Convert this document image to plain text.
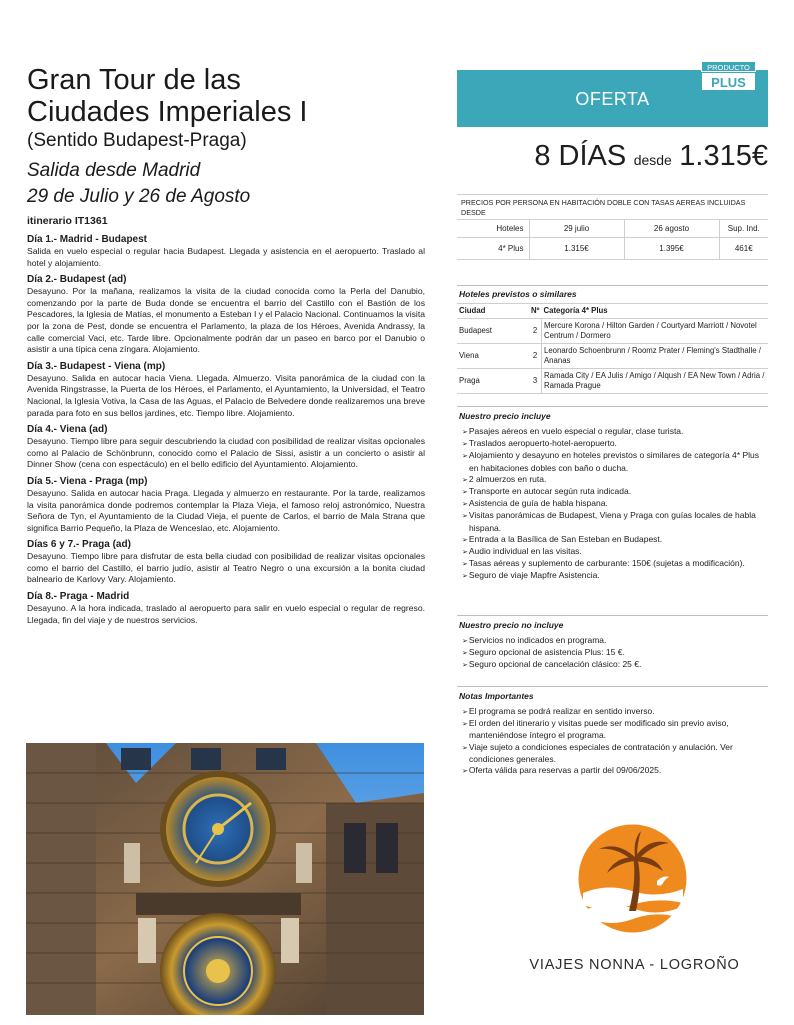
Gran Tour de las
Ciudades Imperiales I
(Sentido Budapest-Praga)
Salida desde Madrid
29 de Julio y 26 de Agosto
itinerario IT1361
Día 1.- Madrid - Budapest
Salida en vuelo especial o regular hacia Budapest. Llegada y asistencia en el aeropuerto. Traslado al hotel y alojamiento.
Día 2.- Budapest (ad)
Desayuno. Por la mañana, realizamos la visita de la ciudad conocida como la Perla del Danubio, comenzando por la parte de Buda donde se encuentra el barrio del Castillo con el Bastión de los Pescadores, la Iglesia de Matías, el monumento a Esteban I y el Palacio Nacional. Continuamos la visita por la zona de Pest, donde se encuentra el Parlamento, la plaza de los Héroes, Avenida Andrassy, la calle comercial Vaci, etc. Tarde libre. Opcionalmente podrán dar un paseo en barco por el Danubio o asistir a una típica cena zíngara. Alojamiento.
Día 3.- Budapest - Viena (mp)
Desayuno. Salida en autocar hacia Viena. Llegada. Almuerzo. Visita panorámica de la ciudad con la Avenida Ringstrasse, la Puerta de los Héroes, el Parlamento, el Ayuntamiento, la Universidad, el Teatro Nacional, la Iglesia Votiva, la Casa de las Aguas, el Palacio de Belvedere donde realizaremos una breve parada para foto en sus bellos jardines, etc. Tiempo libre. Alojamiento.
Día 4.- Viena (ad)
Desayuno. Tiempo libre para seguir descubriendo la ciudad con posibilidad de realizar visitas opcionales como al Palacio de Schönbrunn, conocido como el Palacio de Sissi, asistir a un concierto o asistir al Dinner Show (cena con espectáculo) en el bello edificio del Ayuntamiento. Alojamiento.
Día 5.- Viena - Praga (mp)
Desayuno. Salida en autocar hacia Praga. Llegada y almuerzo en restaurante. Por la tarde, realizamos la visita panorámica donde podremos contemplar la Plaza Vieja, el famoso reloj astronómico, Nuestra Señora de Tyn, el Ayuntamiento de la Ciudad Vieja, el puente de Carlos, el barrio de Mala Strana que significa Barrio Pequeño, la Plaza de Wenceslao, etc. Alojamiento.
Días 6 y 7.- Praga (ad)
Desayuno. Tiempo libre para disfrutar de esta bella ciudad con posibilidad de realizar visitas opcionales como el barrio del Castillo, el barrio judío, asistir al Teatro Negro o una excursión a la bonita ciudad balneario de Karlovy Vary. Alojamiento.
Día 8.- Praga - Madrid
Desayuno. A la hora indicada, traslado al aeropuerto para salir en vuelo especial o regular de regreso. Llegada, fin del viaje y de nuestros servicios.
OFERTA
PRODUCTO
PLUS
8 DÍAS desde 1.315€
PRECIOS POR PERSONA EN HABITACIÓN DOBLE CON TASAS AEREAS INCLUIDAS DESDE
Hoteles	29 julio	26 agosto	Sup. Ind.
4* Plus	1.315€	1.395€	461€
Hoteles previstos o similares
Ciudad	Nº	Categoría 4* Plus
Budapest	2	Mercure Korona / Hilton Garden / Courtyard Marriott / Novotel Centrum / Dormero
Viena	2	Leonardo Schoenbrunn / Roomz Prater / Fleming's Stadthalle / Ananas
Praga	3	Ramada City / EA Julis / Amigo / Alqush / EA New Town / Adria / Ramada Prague
Nuestro precio incluye
➢ Pasajes aéreos en vuelo especial o regular, clase turista.
➢ Traslados aeropuerto-hotel-aeropuerto.
➢ Alojamiento y desayuno en hoteles previstos o similares de categoría 4* Plus en habitaciones dobles con baño o ducha.
➢ 2 almuerzos en ruta.
➢ Transporte en autocar según ruta indicada.
➢ Asistencia de guía de habla hispana.
➢ Visitas panorámicas de Budapest, Viena y Praga con guías locales de habla hispana.
➢ Entrada a la Basílica de San Esteban en Budapest.
➢ Audio individual en las visitas.
➢ Tasas aéreas y suplemento de carburante: 150€ (sujetas a modificación).
➢ Seguro de viaje Mapfre Asistencia.
Nuestro precio no incluye
➢ Servicios no indicados en programa.
➢ Seguro opcional de asistencia Plus: 15 €.
➢ Seguro opcional de cancelación clásico: 25 €.
Notas Importantes
➢ El programa se podrá realizar en sentido inverso.
➢ El orden del itinerario y visitas puede ser modificado sin previo aviso, manteniéndose íntegro el programa.
➢ Viaje sujeto a condiciones especiales de contratación y anulación. Ver condiciones generales.
➢ Oferta válida para reservas a partir del 09/06/2025.
VIAJES NONNA - LOGROÑO
